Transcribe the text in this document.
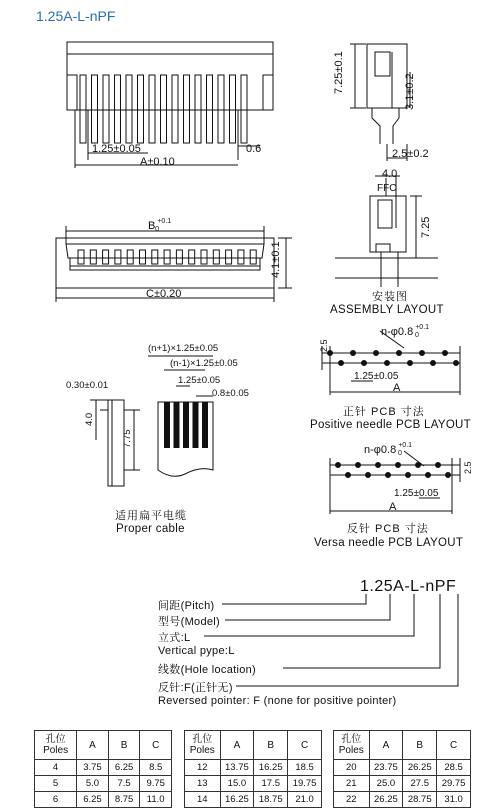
1.25A-L-nPF
1.25±0.05
A±0.10
0.6
7.25±0.1	3.1±0.2
2.5±0.2
B $^{+0.1}$0
4.1±0.1
C±0.20
4.0
FFC
7.25
安装图
ASSEMBLY LAYOUT
n-φ0.8 $^{+0.1}$0
2.5
1.25±0.05
A
正针 PCB 寸法
Positive needle PCB LAYOUT
(n+1)×1.25±0.05
(n-1)×1.25±0.05
1.25±0.05
0.8±0.05
0.30±0.01
4.0
7.75
适用扁平电缆
Proper cable
n-φ0.8 $^{+0.1}$0
2.5
1.25±0.05
A
反针 PCB 寸法
Versa needle PCB LAYOUT
1.25A-L-nPF
间距(Pitch)
型号(Model)
立式:L
Vertical pype:L
线数(Hole location)
反针:F(正针无)
Reversed pointer: F (none for positive pointer)
孔位
Poles	A	B	C
4	3.75	6.25	8.5
5	5.0	7.5	9.75
6	6.25	8.75	11.0
孔位
Poles	A	B	C
12	13.75	16.25	18.5
13	15.0	17.5	19.75
14	16.25	18.75	21.0
孔位
Poles	A	B	C
20	23.75	26.25	28.5
21	25.0	27.5	29.75
22	26.25	28.75	31.0
